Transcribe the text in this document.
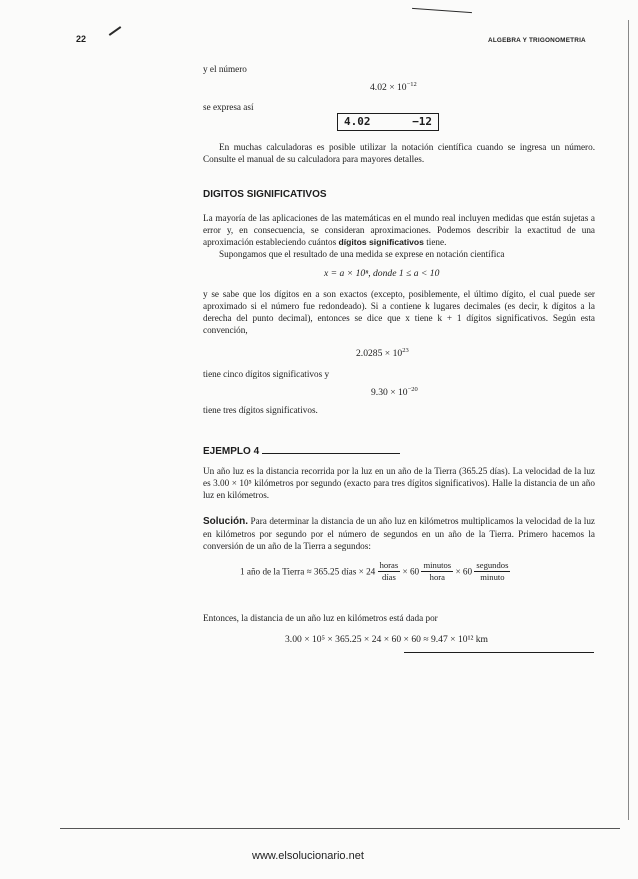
22	ALGEBRA Y TRIGONOMETRIA
y el número
$4.02 \times 10^{-12}$
se expresa así
4.02	−12
En muchas calculadoras es posible utilizar la notación científica cuando se ingresa un número. Consulte el manual de su calculadora para mayores detalles.
DIGITOS SIGNIFICATIVOS
La mayoría de las aplicaciones de las matemáticas en el mundo real incluyen medidas que están sujetas a error y, en consecuencia, se consideran aproximaciones. Podemos describir la exactitud de una aproximación estableciendo cuántos dígitos significativos tiene.
Supongamos que el resultado de una medida se exprese en notación científica
x = a × 10ⁿ, donde 1 ≤ a < 10
y se sabe que los dígitos en a son exactos (excepto, posiblemente, el último dígito, el cual puede ser aproximado si el número fue redondeado). Si a contiene k lugares decimales (es decir, k dígitos a la derecha del punto decimal), entonces se dice que x tiene k + 1 dígitos significativos. Según esta convención,
$2.0285 \times 10^{23}$
tiene cinco dígitos significativos y
$9.30 \times 10^{-20}$
tiene tres dígitos significativos.
EJEMPLO 4
Un año luz es la distancia recorrida por la luz en un año de la Tierra (365.25 días). La velocidad de la luz es 3.00 × 10⁵ kilómetros por segundo (exacto para tres dígitos significativos). Halle la distancia de un año luz en kilómetros.
Solución. Para determinar la distancia de un año luz en kilómetros multiplicamos la velocidad de la luz en kilómetros por segundo por el número de segundos en un año de la Tierra. Primero hacemos la conversión de un año de la Tierra a segundos:
1 año de la Tierra ≈ 365.25 días × $24 \frac{\text{horas}}{\text{días}} \times 60 \frac{\text{minutos}}{\text{hora}} \times 60 \frac{\text{segundos}}{\text{minuto}}$
Entonces, la distancia de un año luz en kilómetros está dada por
3.00 × 10⁵ × 365.25 × 24 × 60 × 60 ≈ 9.47 × 10¹² km
www.elsolucionario.net
